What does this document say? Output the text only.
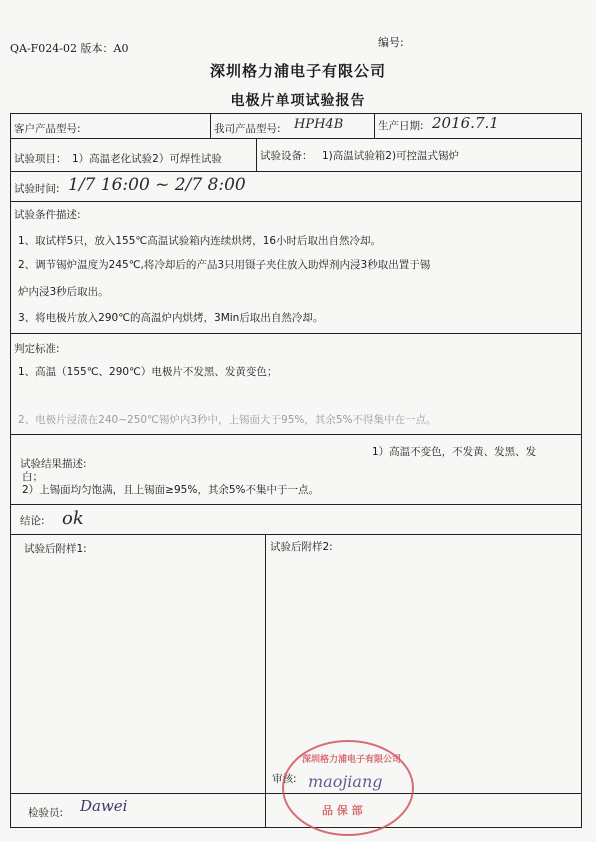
QA-F024-02 版本：A0	编号:
深圳格力浦电子有限公司
电极片单项试验报告
客户产品型号:	我司产品型号: HPH4B	生产日期: 2016.7.1
试验项目： 1）高温老化试验2）可焊性试验	试验设备： 1)高温试验箱2)可控温式锡炉
试验时间: 1/7 16:00 ~ 2/7 8:00
试验条件描述:
1、取试样5只，放入155℃高温试验箱内连续烘烤，16小时后取出自然冷却。
2、调节锡炉温度为245℃,将冷却后的产品3只用镊子夹住放入助焊剂内浸3秒取出置于锡
炉内浸3秒后取出。
3、将电极片放入290℃的高温炉内烘烤，3Min后取出自然冷却。
判定标准:
1、高温（155℃、290℃）电极片不发黑、发黄变色；
2、电极片浸渍在240~250℃锡炉内3秒中，上锡面大于95%，其余5%不得集中在一点。
1）高温不变色，不发黄、发黑、发
试验结果描述:
白；
2）上锡面均匀饱满，且上锡面≥95%，其余5%不集中于一点。
结论: ok
试验后附样1:	试验后附样2:
检验员: Dawei
审核:
深圳格力浦电子有限公司
maojiang
品 保 部
